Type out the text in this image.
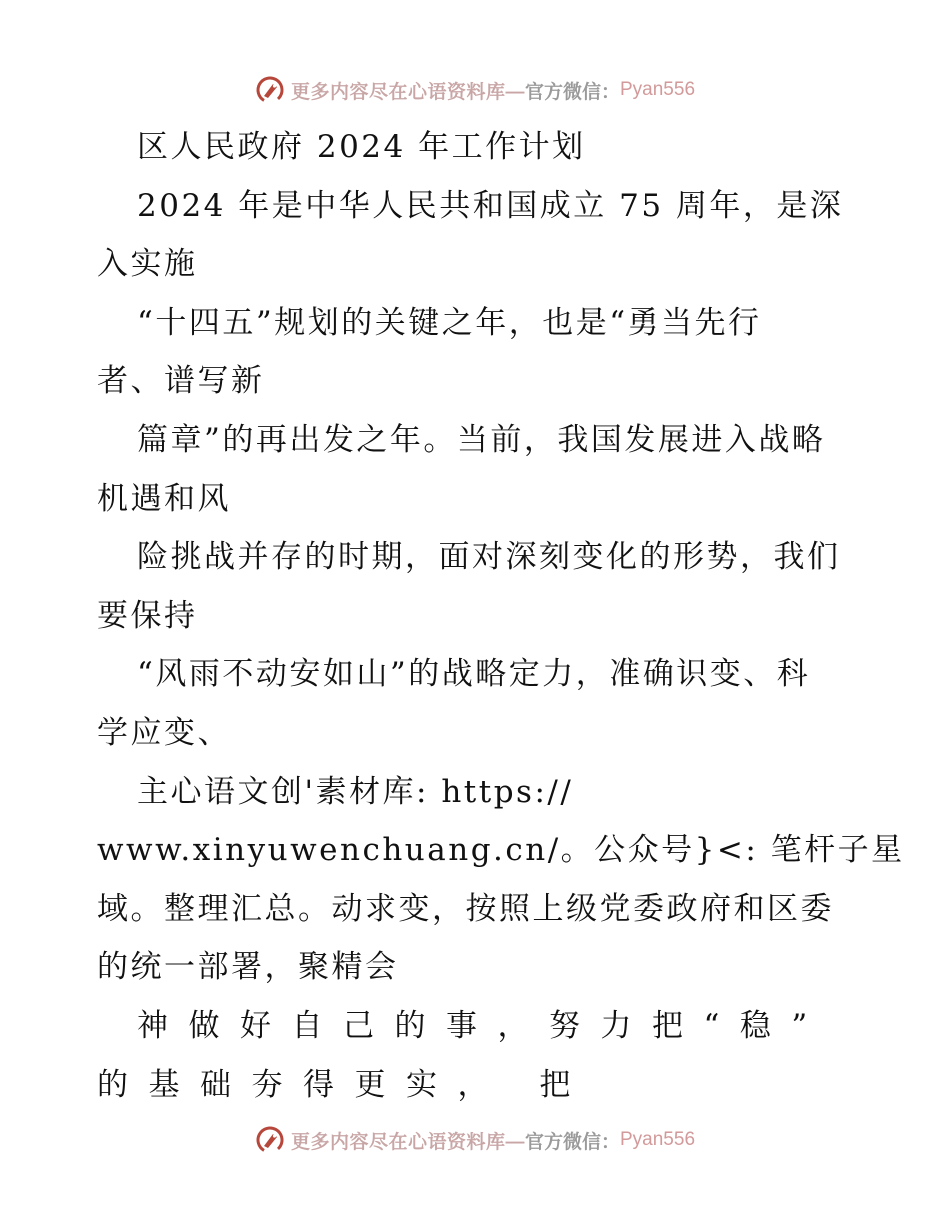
更多内容尽在心语资料库— 官方微信： Pyan556
区人民政府 2024 年工作计划
2024 年是中华人民共和国成立 75 周年，是深
入实施
“十四五”规划的关键之年，也是“勇当先行
者、谱写新
篇章”的再出发之年。当前，我国发展进入战略
机遇和风
险挑战并存的时期，面对深刻变化的形势，我们
要保持
“风雨不动安如山”的战略定力，准确识变、科
学应变、
主心语文创'素材库: https://
www.xinyuwenchuang.cn/。公众号}<: 笔杆子星
域。整理汇总。动求变，按照上级党委政府和区委
的统一部署，聚精会
神做好自己的事，努力把“稳”
的基础夯得更实， 把
更多内容尽在心语资料库— 官方微信： Pyan556
